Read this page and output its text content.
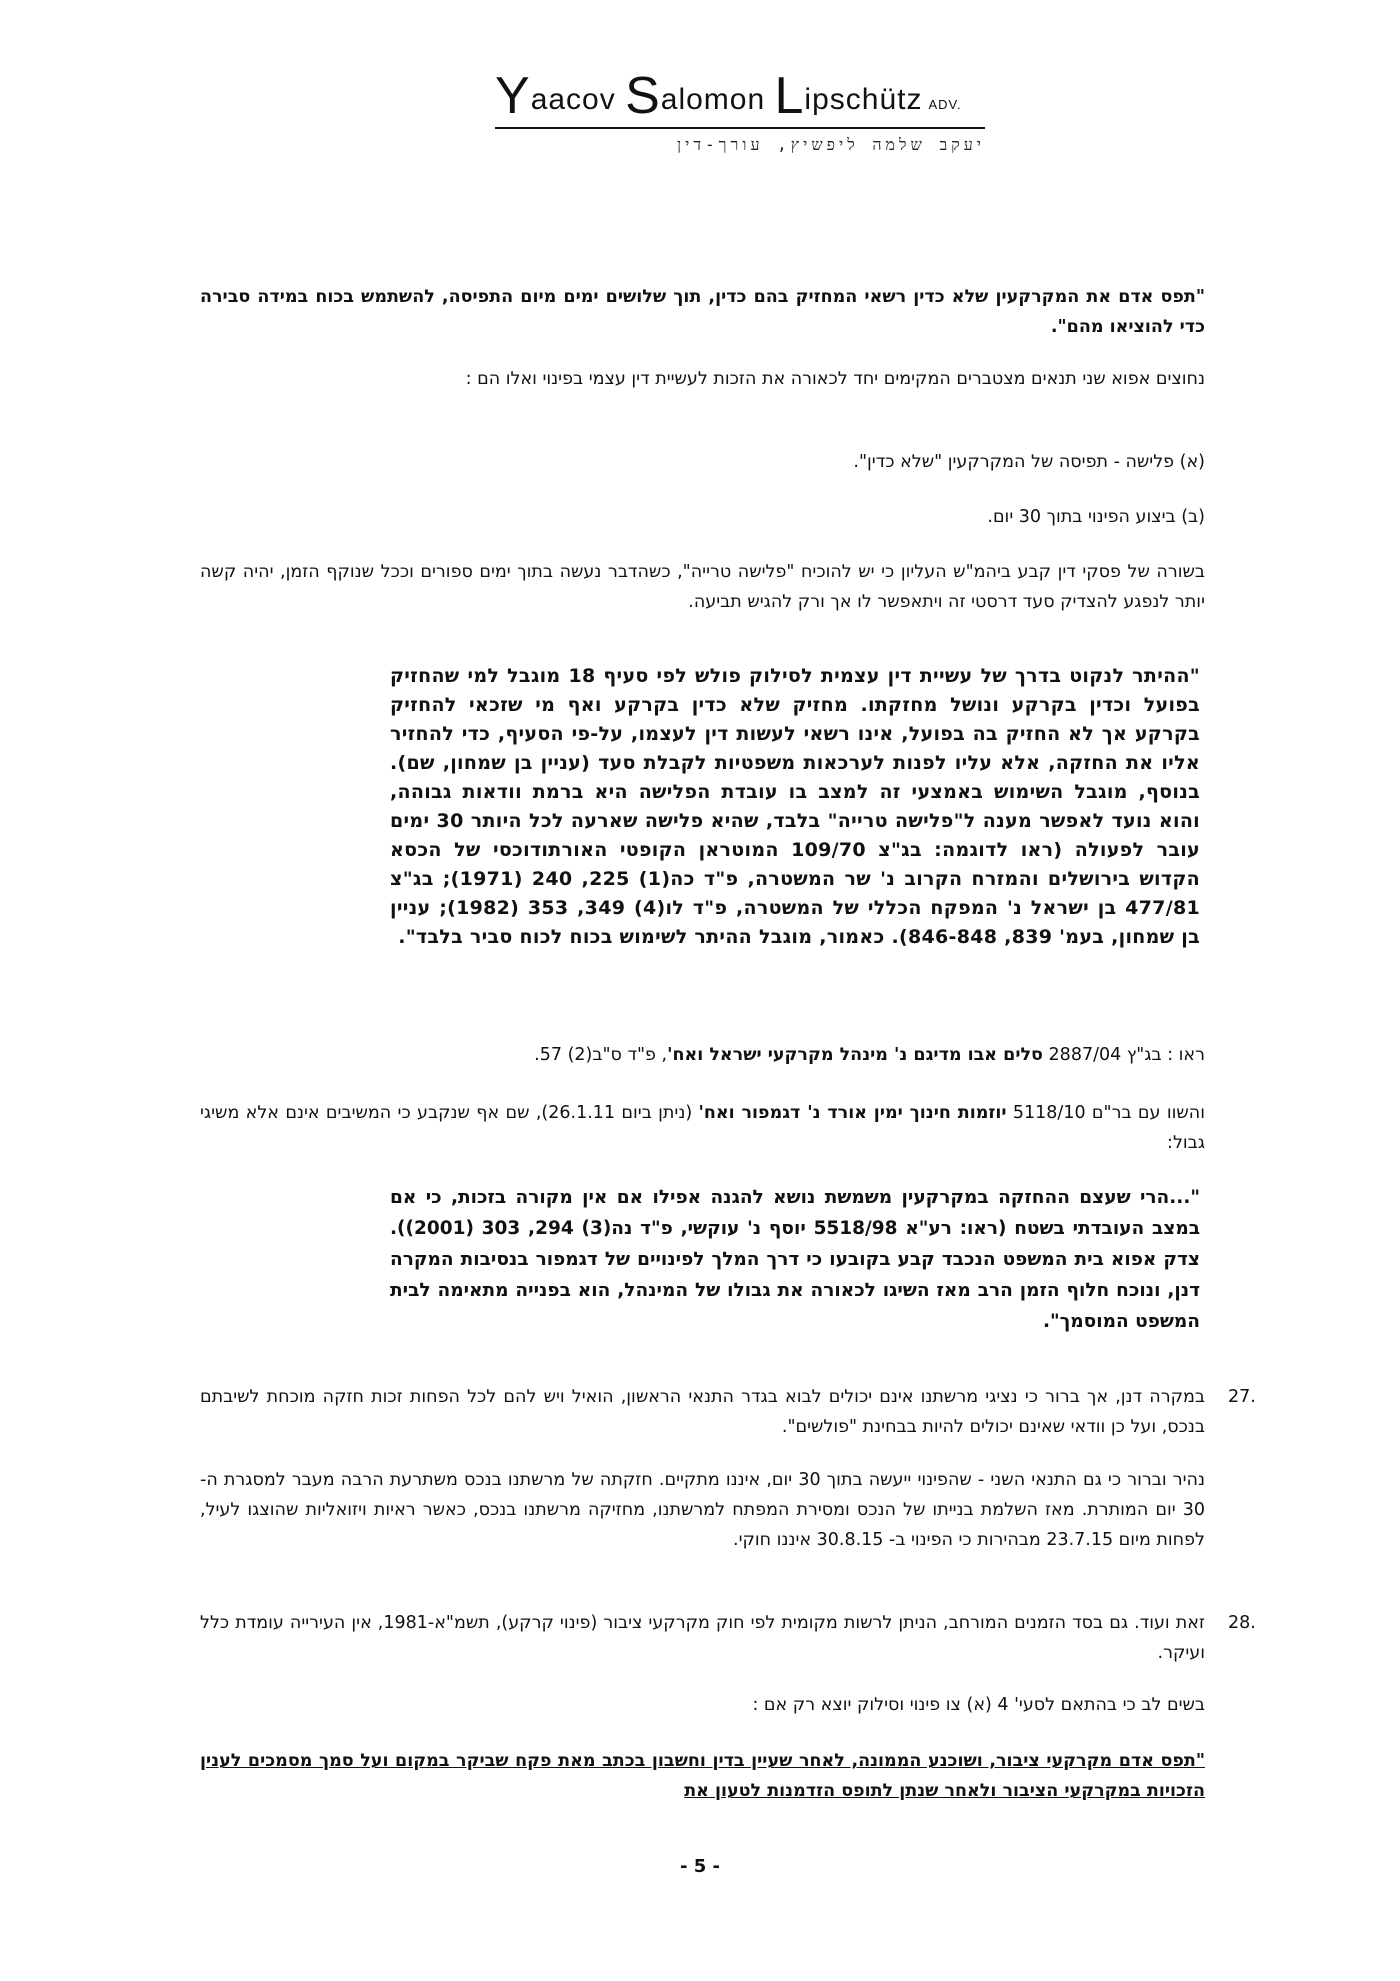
Yaacov Salomon Lipschütz ADV.
יעקב שלמה ליפשיץ, עורך-דין
"תפס אדם את המקרקעין שלא כדין רשאי המחזיק בהם כדין, תוך שלושים ימים מיום התפיסה, להשתמש בכוח במידה סבירה כדי להוציאו מהם".
נחוצים אפוא שני תנאים מצטברים המקימים יחד לכאורה את הזכות לעשיית דין עצמי בפינוי ואלו הם :
(א) פלישה - תפיסה של המקרקעין "שלא כדין".
(ב) ביצוע הפינוי בתוך 30 יום.
בשורה של פסקי דין קבע ביהמ"ש העליון כי יש להוכיח "פלישה טרייה", כשהדבר נעשה בתוך ימים ספורים וככל שנוקף הזמן, יהיה קשה יותר לנפגע להצדיק סעד דרסטי זה ויתאפשר לו אך ורק להגיש תביעה.
"ההיתר לנקוט בדרך של עשיית דין עצמית לסילוק פולש לפי סעיף 18 מוגבל למי שהחזיק בפועל וכדין בקרקע ונושל מחזקתו. מחזיק שלא כדין בקרקע ואף מי שזכאי להחזיק בקרקע אך לא החזיק בה בפועל, אינו רשאי לעשות דין לעצמו, על-פי הסעיף, כדי להחזיר אליו את החזקה, אלא עליו לפנות לערכאות משפטיות לקבלת סעד (עניין בן שמחון, שם). בנוסף, מוגבל השימוש באמצעי זה למצב בו עובדת הפלישה היא ברמת וודאות גבוהה, והוא נועד לאפשר מענה ל"פלישה טרייה" בלבד, שהיא פלישה שארעה לכל היותר 30 ימים עובר לפעולה (ראו לדוגמה: בג"צ 109/70 המוטראן הקופטי האורתודוכסי של הכסא הקדוש בירושלים והמזרח הקרוב נ' שר המשטרה, פ"ד כה(1) 225, 240 (1971); בג"צ 477/81 בן ישראל נ' המפקח הכללי של המשטרה, פ"ד לו(4) 349, 353 (1982); עניין בן שמחון, בעמ' 839, 846-848). כאמור, מוגבל ההיתר לשימוש בכוח לכוח סביר בלבד".
ראו : בג"ץ 2887/04 סלים אבו מדיגם נ' מינהל מקרקעי ישראל ואח', פ"ד ס"ב(2) 57.
והשוו עם בר"ם 5118/10 יוזמות חינוך ימין אורד נ' דגמפור ואח' (ניתן ביום 26.1.11), שם אף שנקבע כי המשיבים אינם אלא משיגי גבול:
"...הרי שעצם ההחזקה במקרקעין משמשת נושא להגנה אפילו אם אין מקורה בזכות, כי אם במצב העובדתי בשטח (ראו: רע"א 5518/98 יוסף נ' עוקשי, פ"ד נה(3) 294, 303 (2001)). צדק אפוא בית המשפט הנכבד קבע בקובעו כי דרך המלך לפינויים של דגמפור בנסיבות המקרה דנן, ונוכח חלוף הזמן הרב מאז השיגו לכאורה את גבולו של המינהל, הוא בפנייה מתאימה לבית המשפט המוסמך".
27.
במקרה דנן, אך ברור כי נציגי מרשתנו אינם יכולים לבוא בגדר התנאי הראשון, הואיל ויש להם לכל הפחות זכות חזקה מוכחת לשיבתם בנכס, ועל כן וודאי שאינם יכולים להיות בבחינת "פולשים".
נהיר וברור כי גם התנאי השני - שהפינוי ייעשה בתוך 30 יום, איננו מתקיים. חזקתה של מרשתנו בנכס משתרעת הרבה מעבר למסגרת ה- 30 יום המותרת. מאז השלמת בנייתו של הנכס ומסירת המפתח למרשתנו, מחזיקה מרשתנו בנכס, כאשר ראיות ויזואליות שהוצגו לעיל, לפחות מיום 23.7.15 מבהירות כי הפינוי ב- 30.8.15 איננו חוקי.
28.
זאת ועוד. גם בסד הזמנים המורחב, הניתן לרשות מקומית לפי חוק מקרקעי ציבור (פינוי קרקע), תשמ"א-1981, אין העירייה עומדת כלל ועיקר.
בשים לב כי בהתאם לסעי' 4 (א) צו פינוי וסילוק יוצא רק אם :
"תפס אדם מקרקעי ציבור, ושוכנע הממונה, לאחר שעיין בדין וחשבון בכתב מאת פקח שביקר במקום ועל סמך מסמכים לענין הזכויות במקרקעי הציבור ולאחר שנתן לתופס הזדמנות לטעון את
- 5 -
